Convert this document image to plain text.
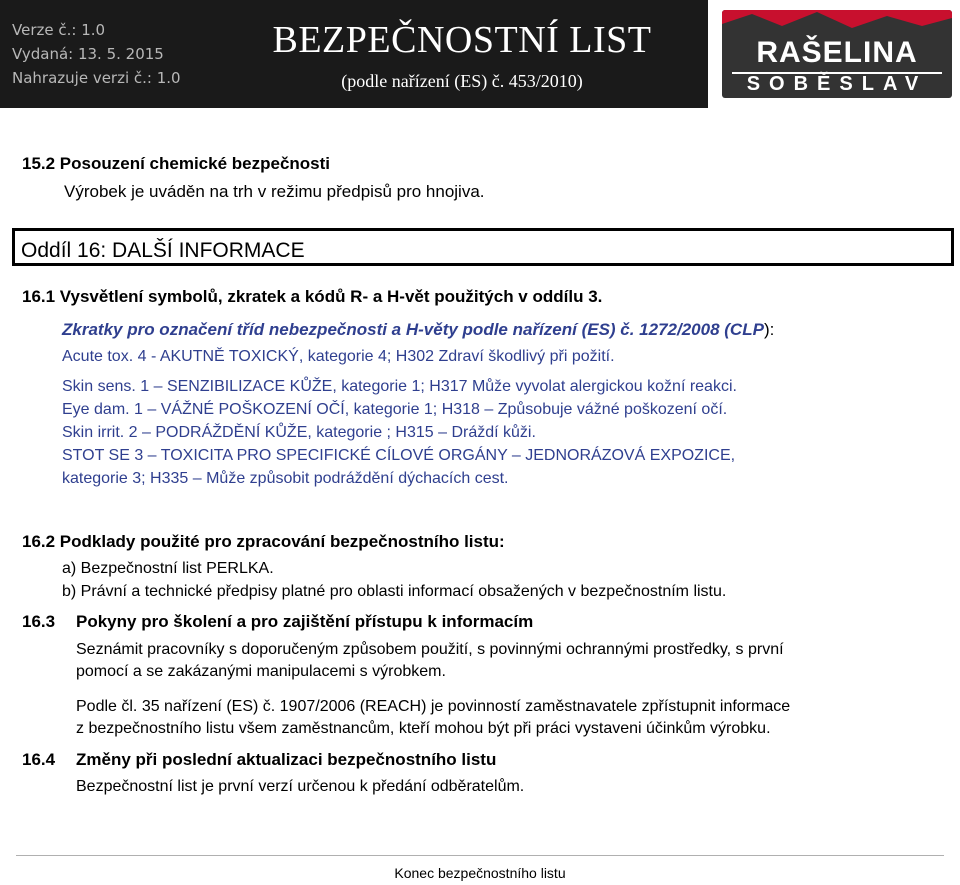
Verze č.: 1.0
Vydaná: 13. 5. 2015
Nahrazuje verzi č.: 1.0
BEZPEČNOSTNÍ LIST
(podle nařízení (ES) č. 453/2010)
RAŠELINA
SOBĚSLAV
15.2 Posouzení chemické bezpečnosti
Výrobek je uváděn na trh v režimu předpisů pro hnojiva.
Oddíl 16: DALŠÍ INFORMACE
16.1 Vysvětlení symbolů, zkratek a kódů R- a H-vět použitých v oddílu 3.
Zkratky pro označení tříd nebezpečnosti a H-věty podle nařízení (ES) č. 1272/2008 (CLP):
Acute tox. 4 - AKUTNĚ TOXICKÝ, kategorie 4; H302 Zdraví škodlivý při požití.
Skin sens. 1 – SENZIBILIZACE KŮŽE, kategorie 1; H317 Může vyvolat alergickou kožní reakci.
Eye dam. 1 – VÁŽNÉ POŠKOZENÍ OČÍ, kategorie 1; H318 – Způsobuje vážné poškození očí.
Skin irrit. 2 – PODRÁŽDĚNÍ KŮŽE, kategorie ; H315 – Dráždí kůži.
STOT SE 3 – TOXICITA PRO SPECIFICKÉ CÍLOVÉ ORGÁNY – JEDNORÁZOVÁ EXPOZICE,
kategorie 3; H335 – Může způsobit podráždění dýchacích cest.
16.2 Podklady použité pro zpracování bezpečnostního listu:
a) Bezpečnostní list PERLKA.
b) Právní a technické předpisy platné pro oblasti informací obsažených v bezpečnostním listu.
16.3 Pokyny pro školení a pro zajištění přístupu k informacím
Seznámit pracovníky s doporučeným způsobem použití, s povinnými ochrannými prostředky, s první
pomocí a se zakázanými manipulacemi s výrobkem.
Podle čl. 35 nařízení (ES) č. 1907/2006 (REACH) je povinností zaměstnavatele zpřístupnit informace
z bezpečnostního listu všem zaměstnancům, kteří mohou být při práci vystaveni účinkům výrobku.
16.4 Změny při poslední aktualizaci bezpečnostního listu
Bezpečnostní list je první verzí určenou k předání odběratelům.
Konec bezpečnostního listu
